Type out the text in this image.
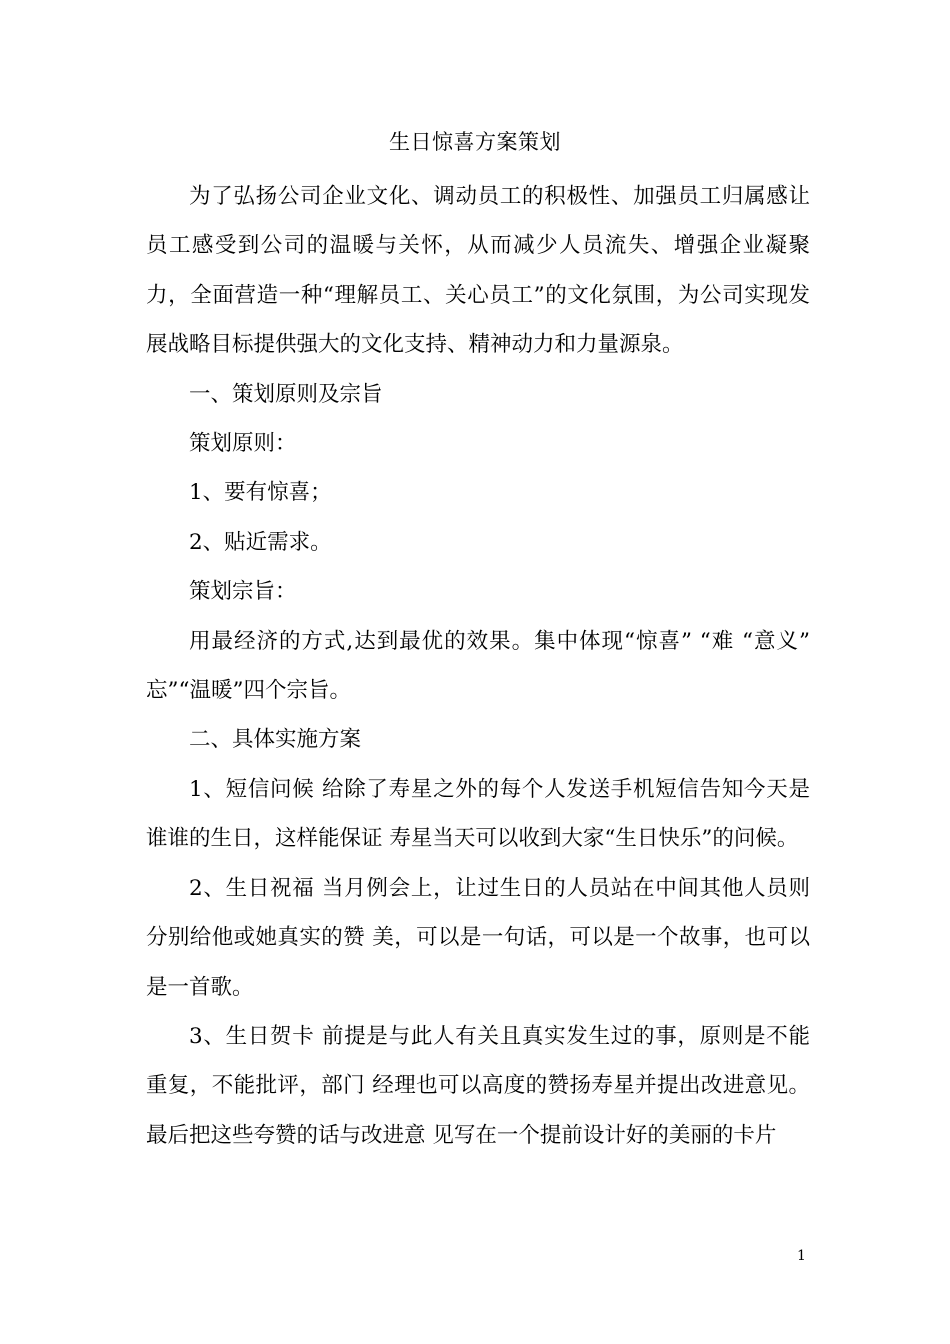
生日惊喜方案策划

为了弘扬公司企业文化、调动员工的积极性、加强员工归属感让员工感受到公司的温暖与关怀，从而减少人员流失、增强企业凝聚力，全面营造一种“理解员工、关心员工”的文化氛围，为公司实现发展战略目标提供强大的文化支持、精神动力和力量源泉。

一、策划原则及宗旨

策划原则：

1、要有惊喜；

2、贴近需求。

策划宗旨：

用最经济的方式,达到最优的效果。集中体现“惊喜” “难 “意义” 忘”“温暖”四个宗旨。

二、具体实施方案

1、短信问候 给除了寿星之外的每个人发送手机短信告知今天是谁谁的生日，这样能保证 寿星当天可以收到大家“生日快乐”的问候。

2、生日祝福 当月例会上，让过生日的人员站在中间其他人员则分别给他或她真实的赞 美，可以是一句话，可以是一个故事，也可以是一首歌。

3、生日贺卡 前提是与此人有关且真实发生过的事，原则是不能重复，不能批评，部门 经理也可以高度的赞扬寿星并提出改进意见。最后把这些夸赞的话与改进意 见写在一个提前设计好的美丽的卡片

1
